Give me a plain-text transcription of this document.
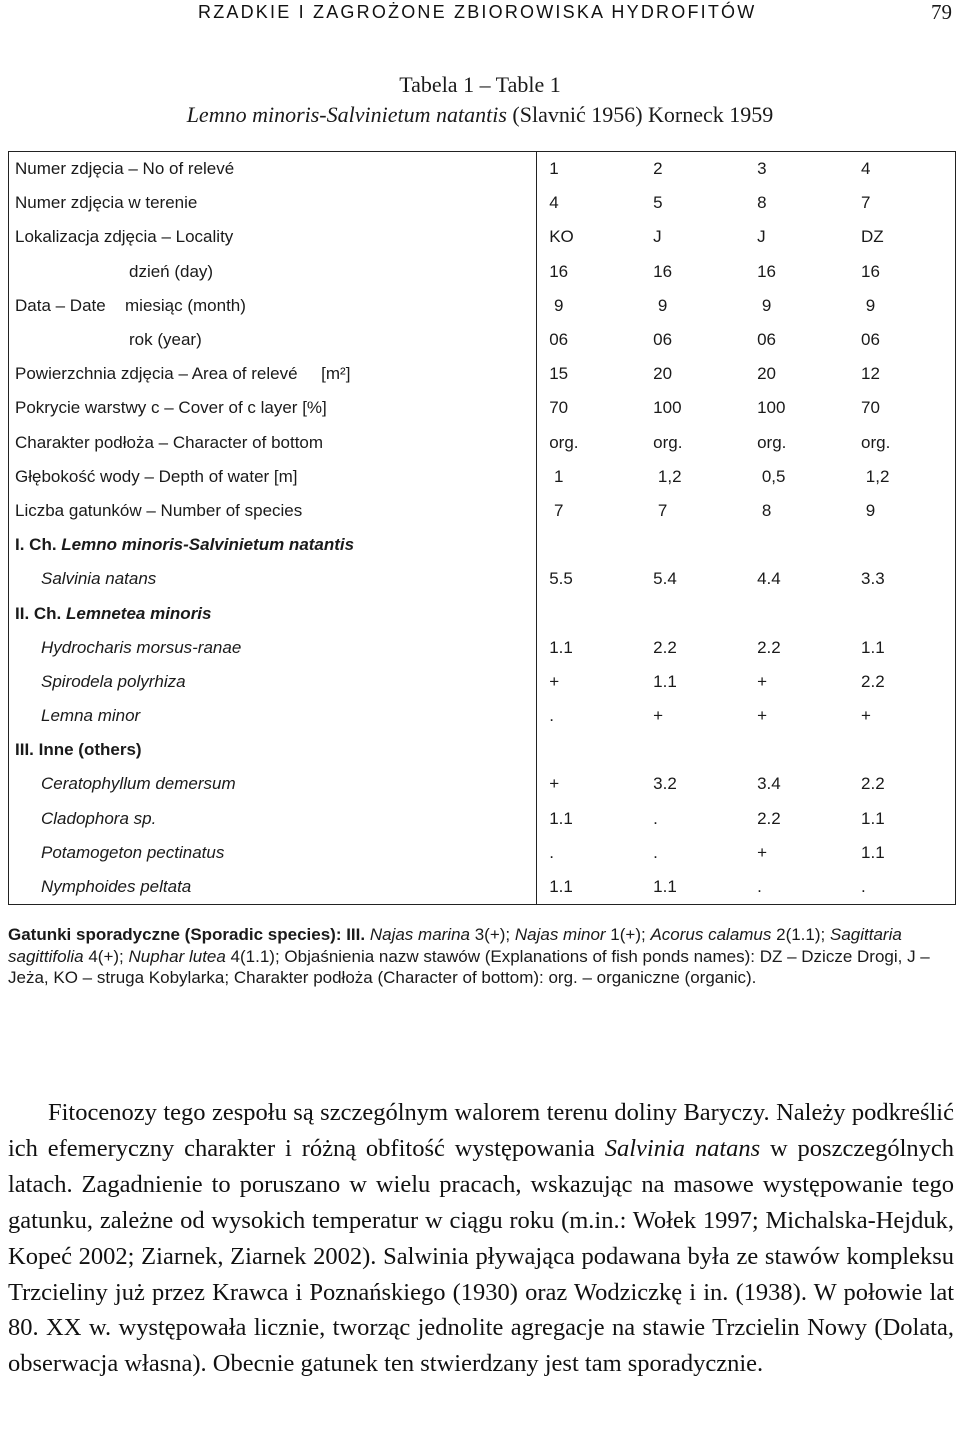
RZADKIE I ZAGROŻONE ZBIOROWISKA HYDROFITÓW	79
Tabela 1 – Table 1
Lemno minoris-Salvinietum natantis (Slavnić 1956) Korneck 1959
Numer zdjęcia – No of relevé	1	2	3	4
Numer zdjęcia w terenie	4	5	8	7
Lokalizacja zdjęcia – Locality	KO	J	J	DZ
dzień (day)	16	16	16	16
Data – Date miesiąc (month)	9	9	9	9
rok (year)	06	06	06	06
Powierzchnia zdjęcia – Area of relevé     [m²]	15	20	20	12
Pokrycie warstwy c – Cover of c layer [%]	70	100	100	70
Charakter podłoża – Character of bottom	org.	org.	org.	org.
Głębokość wody – Depth of water [m]	1	1,2	0,5	1,2
Liczba gatunków – Number of species	7	7	8	9
I. Ch. Lemno minoris-Salvinietum natantis				
Salvinia natans	5.5	5.4	4.4	3.3
II. Ch. Lemnetea minoris				
Hydrocharis morsus-ranae	1.1	2.2	2.2	1.1
Spirodela polyrhiza	+	1.1	+	2.2
Lemna minor	.	+	+	+
III. Inne (others)				
Ceratophyllum demersum	+	3.2	3.4	2.2
Cladophora sp.	1.1	.	2.2	1.1
Potamogeton pectinatus	.	.	+	1.1
Nymphoides peltata	1.1	1.1	.	.
Gatunki sporadyczne (Sporadic species): III. Najas marina 3(+); Najas minor 1(+); Acorus calamus 2(1.1); Sagittaria sagittifolia 4(+); Nuphar lutea 4(1.1); Objaśnienia nazw stawów (Explanations of fish ponds names): DZ – Dzicze Drogi, J – Jeża, KO – struga Kobylarka; Charakter podłoża (Character of bottom): org. – organiczne (organic).

Fitocenozy tego zespołu są szczególnym walorem terenu doliny Baryczy. Należy podkreślić ich efemeryczny charakter i różną obfitość występowania Salvinia natans w poszczególnych latach. Zagadnienie to poruszano w wielu pracach, wskazując na masowe występowanie tego gatunku, zależne od wysokich temperatur w ciągu roku (m.in.: Wołek 1997; Michalska-Hejduk, Kopeć 2002; Ziarnek, Ziarnek 2002). Salwinia pływająca podawana była ze stawów kompleksu Trzcieliny już przez Krawca i Poznańskiego (1930) oraz Wodziczkę i in. (1938). W połowie lat 80. XX w. występowała licznie, tworząc jednolite agregacje na stawie Trzcielin Nowy (Dolata, obserwacja własna). Obecnie gatunek ten stwierdzany jest tam sporadycznie.
